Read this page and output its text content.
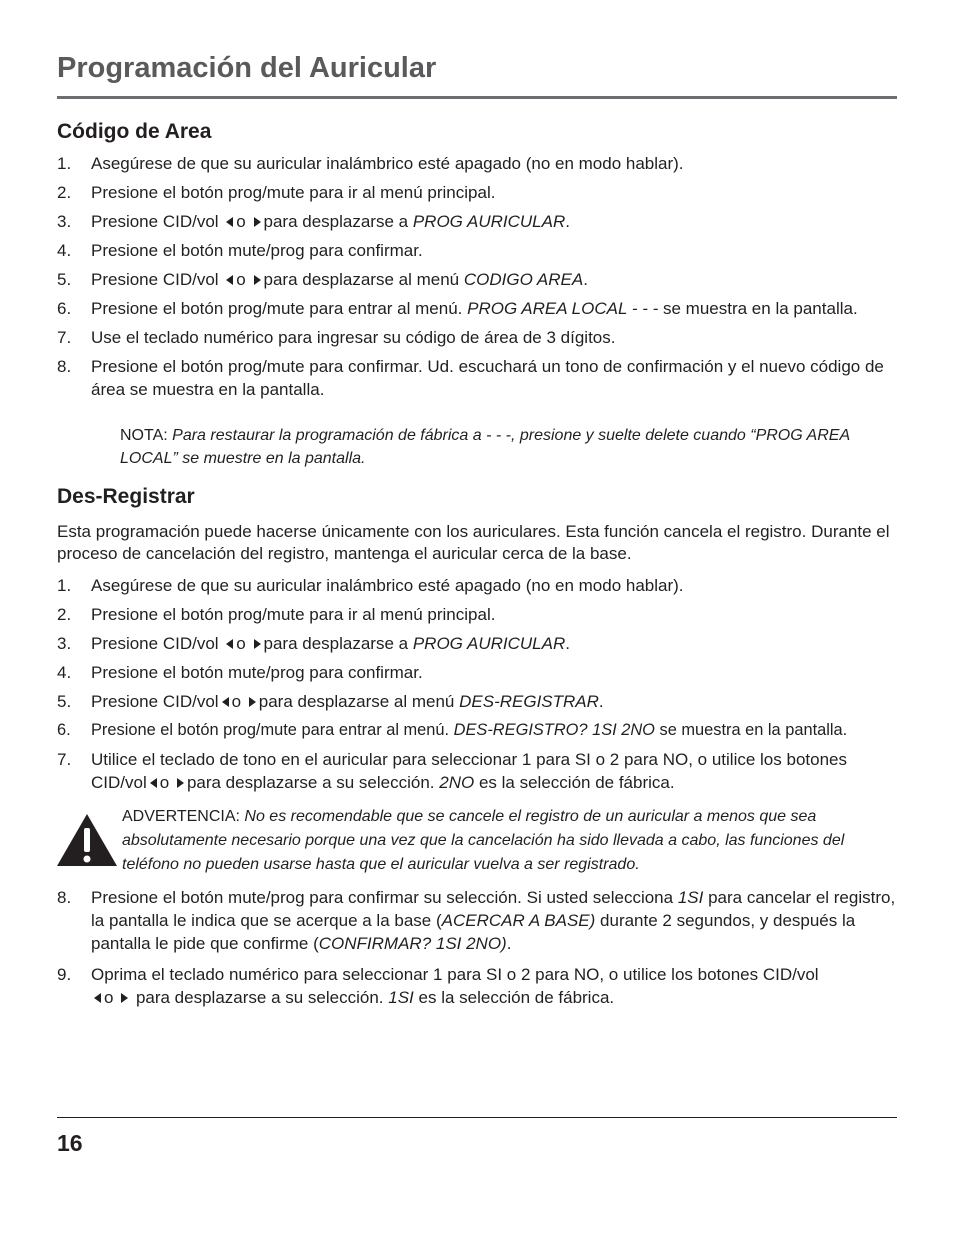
Programación del Auricular
Código de Area
1. Asegúrese de que su auricular inalámbrico esté apagado (no en modo hablar).
2. Presione el botón prog/mute para ir al menú principal.
3. Presione CID/vol o para desplazarse a PROG AURICULAR.
4. Presione el botón mute/prog para confirmar.
5. Presione CID/vol o para desplazarse al menú CODIGO AREA.
6. Presione el botón prog/mute para entrar al menú. PROG AREA LOCAL - - - se muestra en la pantalla.
7. Use el teclado numérico para ingresar su código de área de 3 dígitos.
8. Presione el botón prog/mute para confirmar. Ud. escuchará un tono de confirmación y el nuevo código de área se muestra en la pantalla.

NOTA: Para restaurar la programación de fábrica a - - -, presione y suelte delete cuando “PROG AREA LOCAL” se muestre en la pantalla.

Des-Registrar

Esta programación puede hacerse únicamente con los auriculares. Esta función cancela el registro. Durante el proceso de cancelación del registro, mantenga el auricular cerca de la base.

1. Asegúrese de que su auricular inalámbrico esté apagado (no en modo hablar).
2. Presione el botón prog/mute para ir al menú principal.
3. Presione CID/vol o para desplazarse a PROG AURICULAR.
4. Presione el botón mute/prog para confirmar.
5. Presione CID/vol o para desplazarse al menú DES-REGISTRAR.
6. Presione el botón prog/mute para entrar al menú. DES-REGISTRO? 1SI 2NO se muestra en la pantalla.
7. Utilice el teclado de tono en el auricular para seleccionar 1 para SI o 2 para NO, o utilice los botones CID/vol o para desplazarse a su selección. 2NO es la selección de fábrica.

ADVERTENCIA: No es recomendable que se cancele el registro de un auricular a menos que sea absolutamente necesario porque una vez que la cancelación ha sido llevada a cabo, las funciones del teléfono no pueden usarse hasta que el auricular vuelva a ser registrado.

8. Presione el botón mute/prog para confirmar su selección. Si usted selecciona 1SI para cancelar el registro, la pantalla le indica que se acerque a la base (ACERCAR A BASE) durante 2 segundos, y después la pantalla le pide que confirme (CONFIRMAR? 1SI 2NO).
9. Oprima el teclado numérico para seleccionar 1 para SI o 2 para NO, o utilice los botones CID/vol
o para desplazarse a su selección. 1SI es la selección de fábrica.

16
